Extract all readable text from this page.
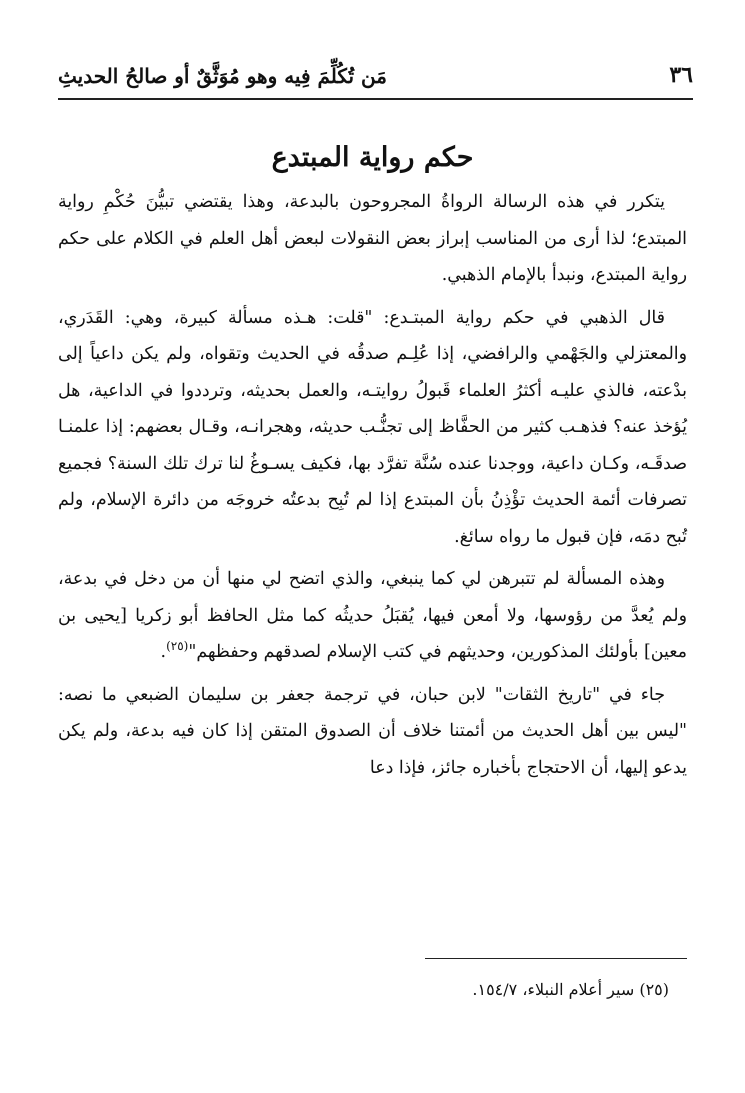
٣٦
مَن تُكُلِّمَ فِيه وهو مُوَثَّقٌ أو صالحُ الحديثِ
حكم رواية المبتدع

يتكرر في هذه الرسالة الرواةُ المجروحون بالبدعة، وهذا يقتضي تبيُّنَ حُكْمِ رواية المبتدع؛ لذا أرى من المناسب إبراز بعض النقولات لبعض أهل العلم في الكلام على حكم رواية المبتدع، ونبدأ بالإمام الذهبي.

قال الذهبي في حكم رواية المبتـدع: "قلت: هـذه مسألة كبيرة، وهي: القَدَري، والمعتزلي والجَهْمي والرافضي، إذا عُلِـم صدقُه في الحديث وتقواه، ولم يكن داعياً إلى بدْعته، فالذي عليـه أكثرُ العلماء قَبولُ روايتـه، والعمل بحديثه، وترددوا في الداعية، هل يُؤخذ عنه؟ فذهـب كثير من الحفَّاظ إلى تجنُّـب حديثه، وهجرانـه، وقـال بعضهم: إذا علمنـا صدقَـه، وكـان داعية، ووجدنا عنده سُنَّة تفرَّد بها، فكيف يسـوغُ لنا ترك تلك السنة؟ فجميع تصرفات أئمة الحديث تؤْذِنُ بأن المبتدع إذا لم تُبِح بدعتُه خروجَه من دائرة الإسلام، ولم تُبح دمَه، فإن قبول ما رواه سائغ.

وهذه المسألة لم تتبرهن لي كما ينبغي، والذي اتضح لي منها أن من دخل في بدعة، ولم يُعدَّ من رؤوسها، ولا أمعن فيها، يُقبَلُ حديثُه كما مثل الحافظ أبو زكريا [يحيى بن معين] بأولئك المذكورين، وحديثهم في كتب الإسلام لصدقهم وحفظهم"$^{(٢٥)}$.

جاء في "تاريخ الثقات" لابن حبان، في ترجمة جعفر بن سليمان الضبعي ما نصه: "ليس بين أهل الحديث من أئمتنا خلاف أن الصدوق المتقن إذا كان فيه بدعة، ولم يكن يدعو إليها، أن الاحتجاج بأخباره جائز، فإذا دعا

(٢٥) سير أعلام النبلاء، ١٥٤/٧.
